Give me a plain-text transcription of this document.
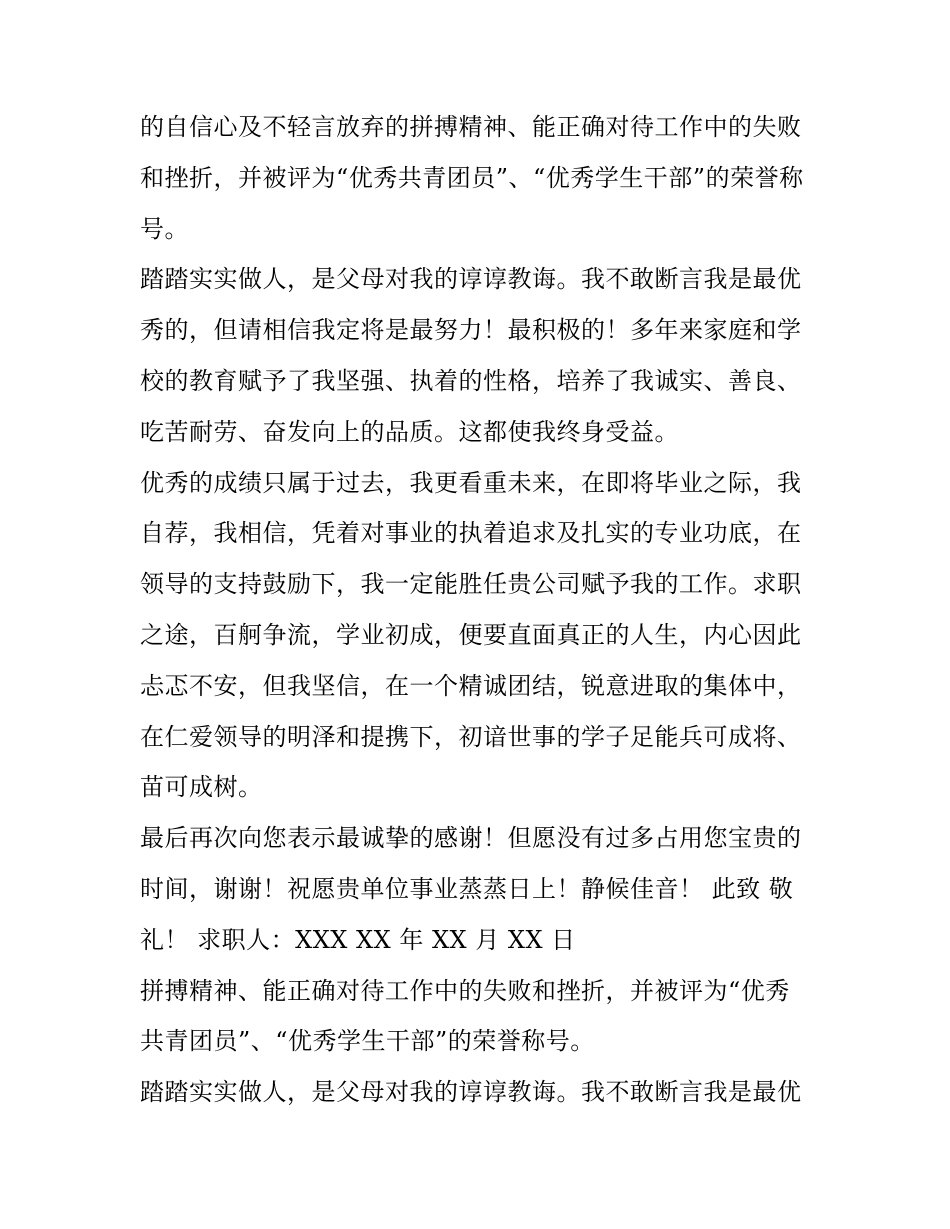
的自信心及不轻言放弃的拼搏精神、能正确对待工作中的失败
和挫折，并被评为“优秀共青团员”、“优秀学生干部”的荣誉称
号。
踏踏实实做人，是父母对我的谆谆教诲。我不敢断言我是最优
秀的，但请相信我定将是最努力！最积极的！多年来家庭和学
校的教育赋予了我坚强、执着的性格，培养了我诚实、善良、
吃苦耐劳、奋发向上的品质。这都使我终身受益。
优秀的成绩只属于过去，我更看重未来，在即将毕业之际，我
自荐，我相信，凭着对事业的执着追求及扎实的专业功底，在
领导的支持鼓励下，我一定能胜任贵公司赋予我的工作。求职
之途，百舸争流，学业初成，便要直面真正的人生，内心因此
忐忑不安，但我坚信，在一个精诚团结，锐意进取的集体中，
在仁爱领导的明泽和提携下，初谙世事的学子足能兵可成将、
苗可成树。
最后再次向您表示最诚挚的感谢！但愿没有过多占用您宝贵的
时间，谢谢！祝愿贵单位事业蒸蒸日上！静候佳音！ 此致 敬
礼！ 求职人：XXX XX 年 XX 月 XX 日
拼搏精神、能正确对待工作中的失败和挫折，并被评为“优秀
共青团员”、“优秀学生干部”的荣誉称号。
踏踏实实做人，是父母对我的谆谆教诲。我不敢断言我是最优
